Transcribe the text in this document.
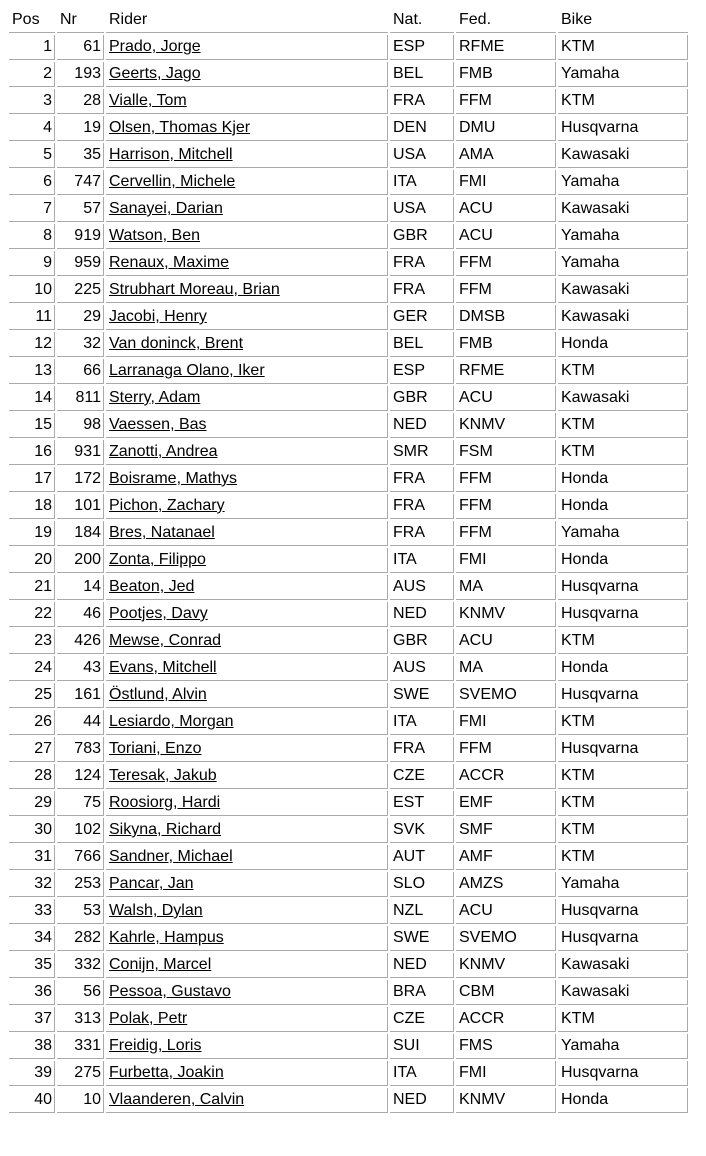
Pos	Nr	Rider	Nat.	Fed.	Bike
1	61	Prado, Jorge	ESP	RFME	KTM
2	193	Geerts, Jago	BEL	FMB	Yamaha
3	28	Vialle, Tom	FRA	FFM	KTM
4	19	Olsen, Thomas Kjer	DEN	DMU	Husqvarna
5	35	Harrison, Mitchell	USA	AMA	Kawasaki
6	747	Cervellin, Michele	ITA	FMI	Yamaha
7	57	Sanayei, Darian	USA	ACU	Kawasaki
8	919	Watson, Ben	GBR	ACU	Yamaha
9	959	Renaux, Maxime	FRA	FFM	Yamaha
10	225	Strubhart Moreau, Brian	FRA	FFM	Kawasaki
11	29	Jacobi, Henry	GER	DMSB	Kawasaki
12	32	Van doninck, Brent	BEL	FMB	Honda
13	66	Larranaga Olano, Iker	ESP	RFME	KTM
14	811	Sterry, Adam	GBR	ACU	Kawasaki
15	98	Vaessen, Bas	NED	KNMV	KTM
16	931	Zanotti, Andrea	SMR	FSM	KTM
17	172	Boisrame, Mathys	FRA	FFM	Honda
18	101	Pichon, Zachary	FRA	FFM	Honda
19	184	Bres, Natanael	FRA	FFM	Yamaha
20	200	Zonta, Filippo	ITA	FMI	Honda
21	14	Beaton, Jed	AUS	MA	Husqvarna
22	46	Pootjes, Davy	NED	KNMV	Husqvarna
23	426	Mewse, Conrad	GBR	ACU	KTM
24	43	Evans, Mitchell	AUS	MA	Honda
25	161	Östlund, Alvin	SWE	SVEMO	Husqvarna
26	44	Lesiardo, Morgan	ITA	FMI	KTM
27	783	Toriani, Enzo	FRA	FFM	Husqvarna
28	124	Teresak, Jakub	CZE	ACCR	KTM
29	75	Roosiorg, Hardi	EST	EMF	KTM
30	102	Sikyna, Richard	SVK	SMF	KTM
31	766	Sandner, Michael	AUT	AMF	KTM
32	253	Pancar, Jan	SLO	AMZS	Yamaha
33	53	Walsh, Dylan	NZL	ACU	Husqvarna
34	282	Kahrle, Hampus	SWE	SVEMO	Husqvarna
35	332	Conijn, Marcel	NED	KNMV	Kawasaki
36	56	Pessoa, Gustavo	BRA	CBM	Kawasaki
37	313	Polak, Petr	CZE	ACCR	KTM
38	331	Freidig, Loris	SUI	FMS	Yamaha
39	275	Furbetta, Joakin	ITA	FMI	Husqvarna
40	10	Vlaanderen, Calvin	NED	KNMV	Honda
